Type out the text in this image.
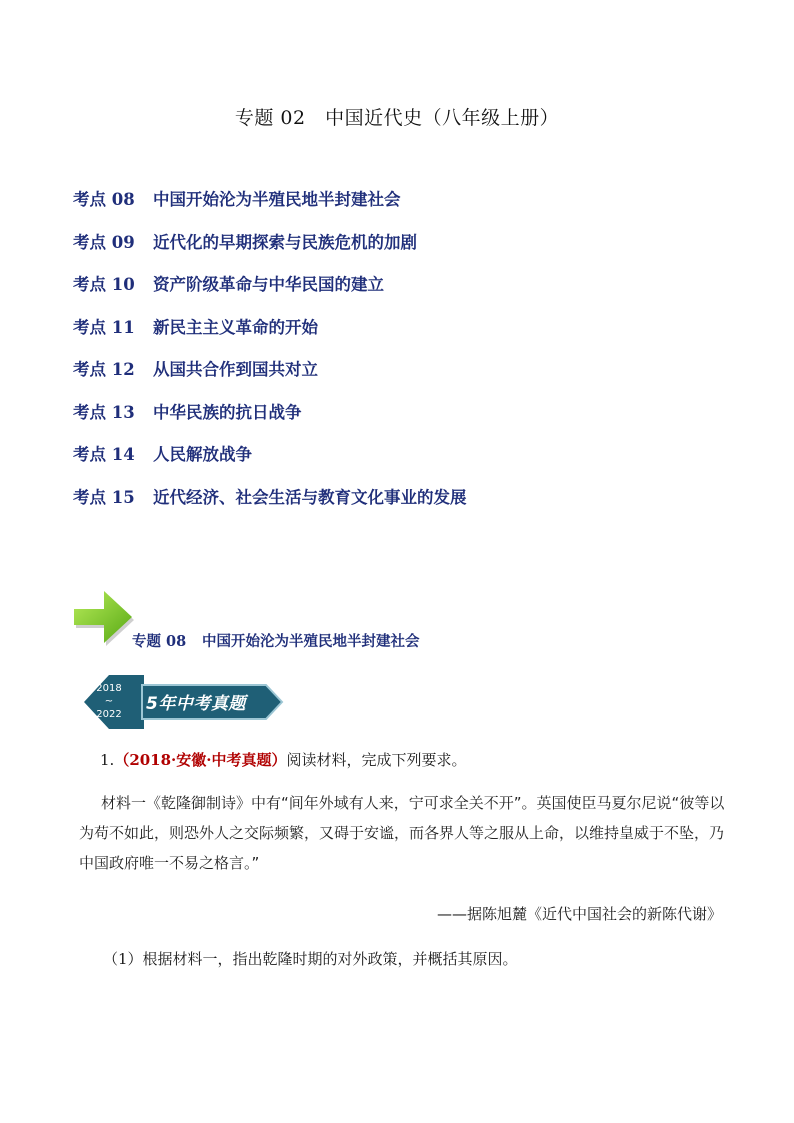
专题 02　中国近代史（八年级上册）
考点 08 中国开始沦为半殖民地半封建社会
考点 09 近代化的早期探索与民族危机的加剧
考点 10 资产阶级革命与中华民国的建立
考点 11 新民主主义革命的开始
考点 12 从国共合作到国共对立
考点 13 中华民族的抗日战争
考点 14 人民解放战争
考点 15 近代经济、社会生活与教育文化事业的发展
专题 08 中国开始沦为半殖民地半封建社会
2018
~
2022
5年中考真题
1.（2018·安徽·中考真题）阅读材料，完成下列要求。
材料一《乾隆御制诗》中有“间年外域有人来，宁可求全关不开”。英国使臣马夏尔尼说“彼等以为苟不如此，则恐外人之交际频繁，又碍于安谧，而各界人等之服从上命，以维持皇威于不坠，乃中国政府唯一不易之格言。”
——据陈旭麓《近代中国社会的新陈代谢》
（1）根据材料一，指出乾隆时期的对外政策，并概括其原因。
